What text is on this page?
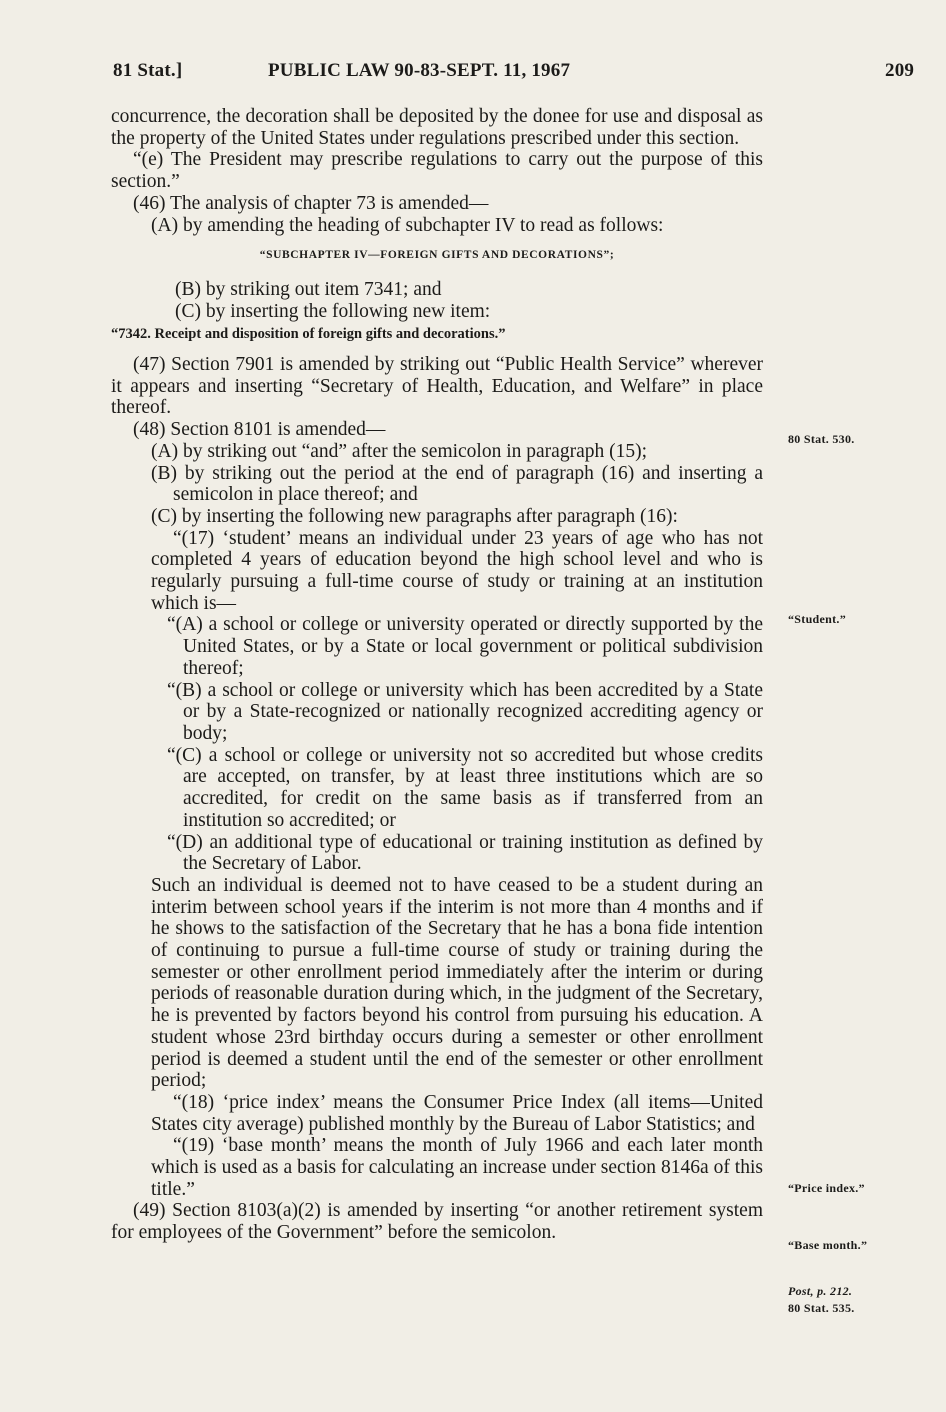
81 Stat.]	PUBLIC LAW 90-83-SEPT. 11, 1967	209

concurrence, the decoration shall be deposited by the donee for use and disposal as the property of the United States under regulations prescribed under this section.

“(e) The President may prescribe regulations to carry out the purpose of this section.”

(46) The analysis of chapter 73 is amended—

(A) by amending the heading of subchapter IV to read as follows:

“SUBCHAPTER IV—FOREIGN GIFTS AND DECORATIONS”;

(B) by striking out item 7341; and

(C) by inserting the following new item:

“7342. Receipt and disposition of foreign gifts and decorations.”

(47) Section 7901 is amended by striking out “Public Health Service” wherever it appears and inserting “Secretary of Health, Education, and Welfare” in place thereof.

(48) Section 8101 is amended—

(A) by striking out “and” after the semicolon in paragraph (15);

(B) by striking out the period at the end of paragraph (16) and inserting a semicolon in place thereof; and

(C) by inserting the following new paragraphs after paragraph (16):

“(17) ‘student’ means an individual under 23 years of age who has not completed 4 years of education beyond the high school level and who is regularly pursuing a full-time course of study or training at an institution which is—

“(A) a school or college or university operated or directly supported by the United States, or by a State or local government or political subdivision thereof;

“(B) a school or college or university which has been accredited by a State or by a State-recognized or nationally recognized accrediting agency or body;

“(C) a school or college or university not so accredited but whose credits are accepted, on transfer, by at least three institutions which are so accredited, for credit on the same basis as if transferred from an institution so accredited; or

“(D) an additional type of educational or training institution as defined by the Secretary of Labor.

Such an individual is deemed not to have ceased to be a student during an interim between school years if the interim is not more than 4 months and if he shows to the satisfaction of the Secretary that he has a bona fide intention of continuing to pursue a full-time course of study or training during the semester or other enrollment period immediately after the interim or during periods of reasonable duration during which, in the judgment of the Secretary, he is prevented by factors beyond his control from pursuing his education. A student whose 23rd birthday occurs during a semester or other enrollment period is deemed a student until the end of the semester or other enrollment period;

“(18) ‘price index’ means the Consumer Price Index (all items—United States city average) published monthly by the Bureau of Labor Statistics; and

“(19) ‘base month’ means the month of July 1966 and each later month which is used as a basis for calculating an increase under section 8146a of this title.”

(49) Section 8103(a)(2) is amended by inserting “or another retirement system for employees of the Government” before the semicolon.

80 Stat. 530.
“Student.”
“Price index.”
“Base month.”
Post, p. 212.
80 Stat. 535.
